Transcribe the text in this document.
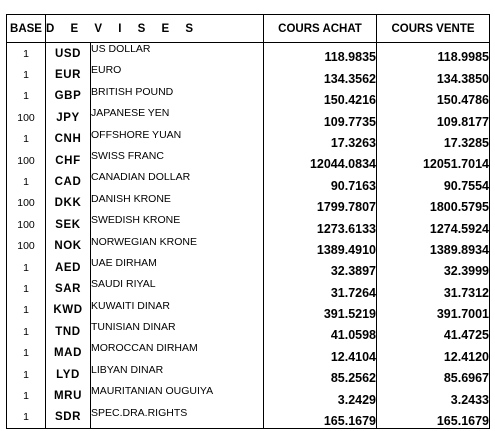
BASE	D E V I S E S		COURS ACHAT	COURS VENTE
1	USD	US DOLLAR	118.9835	118.9985
1	EUR	EURO	134.3562	134.3850
1	GBP	BRITISH POUND	150.4216	150.4786
100	JPY	JAPANESE YEN	109.7735	109.8177
1	CNH	OFFSHORE YUAN	17.3263	17.3285
100	CHF	SWISS FRANC	12044.0834	12051.7014
1	CAD	CANADIAN DOLLAR	90.7163	90.7554
100	DKK	DANISH KRONE	1799.7807	1800.5795
100	SEK	SWEDISH KRONE	1273.6133	1274.5924
100	NOK	NORWEGIAN KRONE	1389.4910	1389.8934
1	AED	UAE DIRHAM	32.3897	32.3999
1	SAR	SAUDI RIYAL	31.7264	31.7312
1	KWD	KUWAITI DINAR	391.5219	391.7001
1	TND	TUNISIAN DINAR	41.0598	41.4725
1	MAD	MOROCCAN DIRHAM	12.4104	12.4120
1	LYD	LIBYAN DINAR	85.2562	85.6967
1	MRU	MAURITANIAN OUGUIYA	3.2429	3.2433
1	SDR	SPEC.DRA.RIGHTS	165.1679	165.1679
